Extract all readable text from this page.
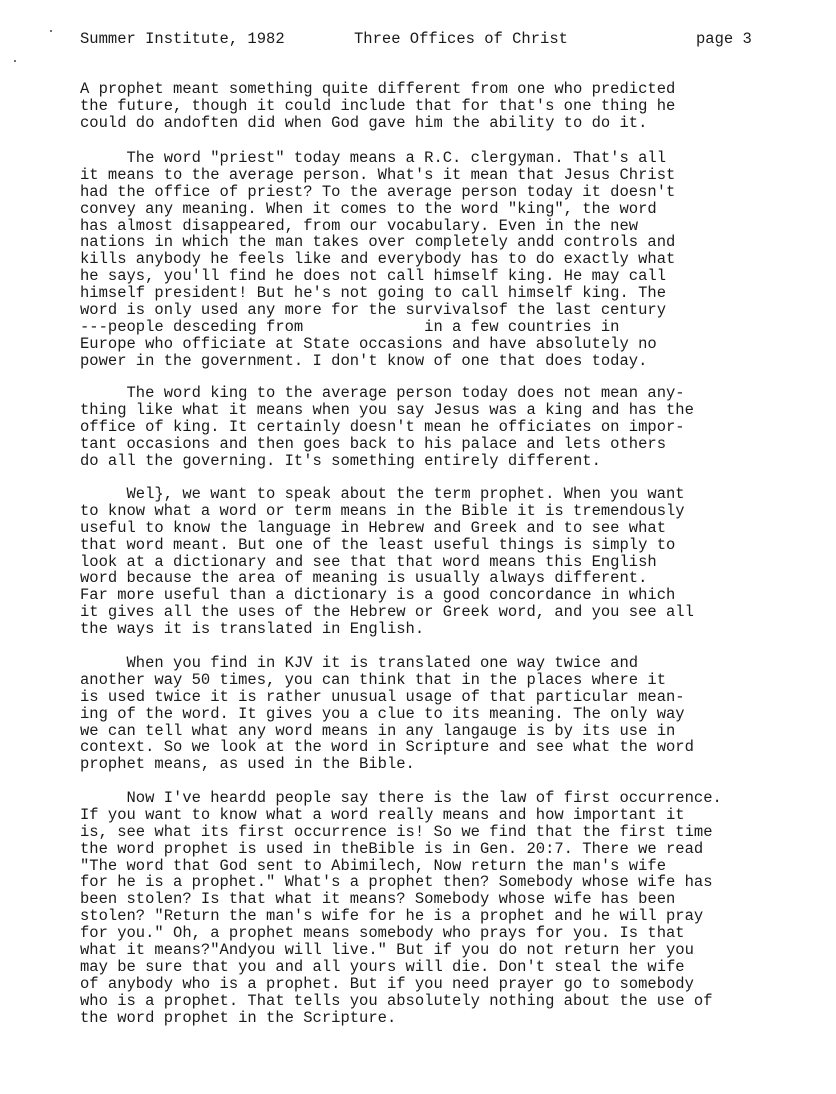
Summer Institute, 1982	Three Offices of Christ	page 3
A prophet meant something quite different from one who predicted
the future, though it could include that for that's one thing he
could do andoften did when God gave him the ability to do it.
The word "priest" today means a R.C. clergyman. That's all
it means to the average person. What's it mean that Jesus Christ
had the office of priest? To the average person today it doesn't
convey any meaning. When it comes to the word "king", the word
has almost disappeared, from our vocabulary. Even in the new
nations in which the man takes over completely andd controls and
kills anybody he feels like and everybody has to do exactly what
he says, you'll find he does not call himself king. He may call
himself president! But he's not going to call himself king. The
word is only used any more for the survivalsof the last century
---people desceding from             in a few countries in
Europe who officiate at State occasions and have absolutely no
power in the government. I don't know of one that does today.
The word king to the average person today does not mean any-
thing like what it means when you say Jesus was a king and has the
office of king. It certainly doesn't mean he officiates on impor-
tant occasions and then goes back to his palace and lets others
do all the governing. It's something entirely different.
Wel}, we want to speak about the term prophet. When you want
to know what a word or term means in the Bible it is tremendously
useful to know the language in Hebrew and Greek and to see what
that word meant. But one of the least useful things is simply to
look at a dictionary and see that that word means this English
word because the area of meaning is usually always different.
Far more useful than a dictionary is a good concordance in which
it gives all the uses of the Hebrew or Greek word, and you see all
the ways it is translated in English.
When you find in KJV it is translated one way twice and
another way 50 times, you can think that in the places where it
is used twice it is rather unusual usage of that particular mean-
ing of the word. It gives you a clue to its meaning. The only way
we can tell what any word means in any langauge is by its use in
context. So we look at the word in Scripture and see what the word
prophet means, as used in the Bible.
Now I've heardd people say there is the law of first occurrence.
If you want to know what a word really means and how important it
is, see what its first occurrence is! So we find that the first time
the word prophet is used in theBible is in Gen. 20:7. There we read
"The word that God sent to Abimilech, Now return the man's wife
for he is a prophet." What's a prophet then? Somebody whose wife has
been stolen? Is that what it means? Somebody whose wife has been
stolen? "Return the man's wife for he is a prophet and he will pray
for you." Oh, a prophet means somebody who prays for you. Is that
what it means?"Andyou will live." But if you do not return her you
may be sure that you and all yours will die. Don't steal the wife
of anybody who is a prophet. But if you need prayer go to somebody
who is a prophet. That tells you absolutely nothing about the use of
the word prophet in the Scripture.
